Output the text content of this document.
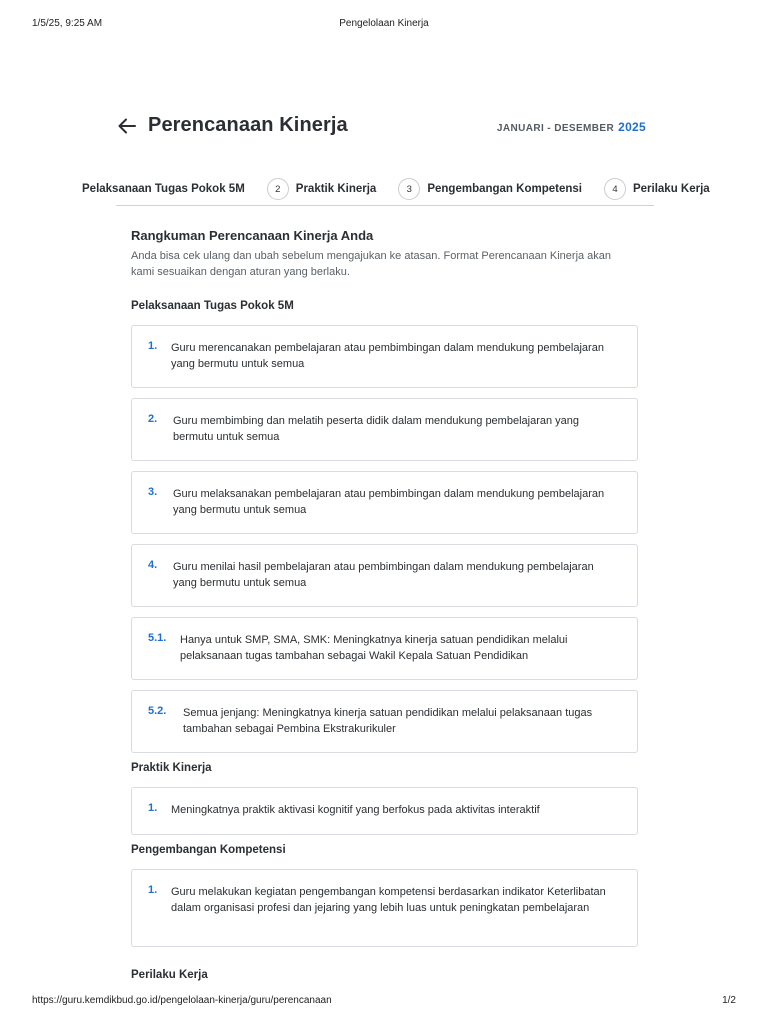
1/5/25, 9:25 AM	Pengelolaan Kinerja
Perencanaan Kinerja	JANUARI - DESEMBER 2025
Pelaksanaan Tugas Pokok 5M	2	Praktik Kinerja	3	Pengembangan Kompetensi	4	Perilaku Kerja
Rangkuman Perencanaan Kinerja Anda
Anda bisa cek ulang dan ubah sebelum mengajukan ke atasan. Format Perencanaan Kinerja akan kami sesuaikan dengan aturan yang berlaku.
Pelaksanaan Tugas Pokok 5M
1. Guru merencanakan pembelajaran atau pembimbingan dalam mendukung pembelajaran yang bermutu untuk semua
2. Guru membimbing dan melatih peserta didik dalam mendukung pembelajaran yang bermutu untuk semua
3. Guru melaksanakan pembelajaran atau pembimbingan dalam mendukung pembelajaran yang bermutu untuk semua
4. Guru menilai hasil pembelajaran atau pembimbingan dalam mendukung pembelajaran yang bermutu untuk semua
5.1. Hanya untuk SMP, SMA, SMK: Meningkatnya kinerja satuan pendidikan melalui pelaksanaan tugas tambahan sebagai Wakil Kepala Satuan Pendidikan
5.2. Semua jenjang: Meningkatnya kinerja satuan pendidikan melalui pelaksanaan tugas tambahan sebagai Pembina Ekstrakurikuler
Praktik Kinerja
1. Meningkatnya praktik aktivasi kognitif yang berfokus pada aktivitas interaktif
Pengembangan Kompetensi
1. Guru melakukan kegiatan pengembangan kompetensi berdasarkan indikator Keterlibatan dalam organisasi profesi dan jejaring yang lebih luas untuk peningkatan pembelajaran
Perilaku Kerja
https://guru.kemdikbud.go.id/pengelolaan-kinerja/guru/perencanaan	1/2
